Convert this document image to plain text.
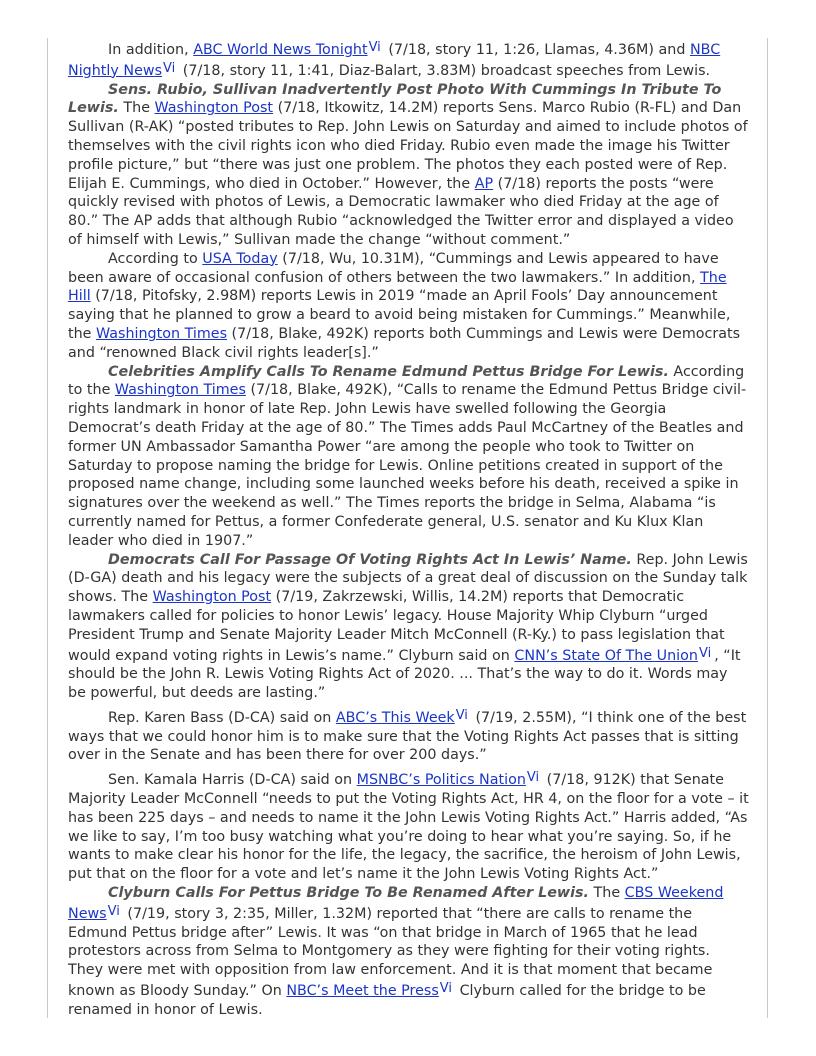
In addition, ABC World News TonightVi (7/18, story 11, 1:26, Llamas, 4.36M) and NBC Nightly NewsVi (7/18, story 11, 1:41, Diaz-Balart, 3.83M) broadcast speeches from Lewis.

Sens. Rubio, Sullivan Inadvertently Post Photo With Cummings In Tribute To Lewis. The Washington Post (7/18, Itkowitz, 14.2M) reports Sens. Marco Rubio (R-FL) and Dan Sullivan (R-AK) “posted tributes to Rep. John Lewis on Saturday and aimed to include photos of themselves with the civil rights icon who died Friday. Rubio even made the image his Twitter profile picture,” but “there was just one problem. The photos they each posted were of Rep. Elijah E. Cummings, who died in October.” However, the AP (7/18) reports the posts “were quickly revised with photos of Lewis, a Democratic lawmaker who died Friday at the age of 80.” The AP adds that although Rubio “acknowledged the Twitter error and displayed a video of himself with Lewis,” Sullivan made the change “without comment.”

According to USA Today (7/18, Wu, 10.31M), “Cummings and Lewis appeared to have been aware of occasional confusion of others between the two lawmakers.” In addition, The Hill (7/18, Pitofsky, 2.98M) reports Lewis in 2019 “made an April Fools’ Day announcement saying that he planned to grow a beard to avoid being mistaken for Cummings.” Meanwhile, the Washington Times (7/18, Blake, 492K) reports both Cummings and Lewis were Democrats and “renowned Black civil rights leader[s].”

Celebrities Amplify Calls To Rename Edmund Pettus Bridge For Lewis. According to the Washington Times (7/18, Blake, 492K), “Calls to rename the Edmund Pettus Bridge civil-rights landmark in honor of late Rep. John Lewis have swelled following the Georgia Democrat’s death Friday at the age of 80.” The Times adds Paul McCartney of the Beatles and former UN Ambassador Samantha Power “are among the people who took to Twitter on Saturday to propose naming the bridge for Lewis. Online petitions created in support of the proposed name change, including some launched weeks before his death, received a spike in signatures over the weekend as well.” The Times reports the bridge in Selma, Alabama “is currently named for Pettus, a former Confederate general, U.S. senator and Ku Klux Klan leader who died in 1907.”

Democrats Call For Passage Of Voting Rights Act In Lewis’ Name. Rep. John Lewis (D-GA) death and his legacy were the subjects of a great deal of discussion on the Sunday talk shows. The Washington Post (7/19, Zakrzewski, Willis, 14.2M) reports that Democratic lawmakers called for policies to honor Lewis’ legacy. House Majority Whip Clyburn “urged President Trump and Senate Majority Leader Mitch McConnell (R-Ky.) to pass legislation that would expand voting rights in Lewis’s name.” Clyburn said on CNN’s State Of The UnionVi , “It should be the John R. Lewis Voting Rights Act of 2020. ... That’s the way to do it. Words may be powerful, but deeds are lasting.”

Rep. Karen Bass (D-CA) said on ABC’s This WeekVi (7/19, 2.55M), “I think one of the best ways that we could honor him is to make sure that the Voting Rights Act passes that is sitting over in the Senate and has been there for over 200 days.”

Sen. Kamala Harris (D-CA) said on MSNBC’s Politics NationVi (7/18, 912K) that Senate Majority Leader McConnell “needs to put the Voting Rights Act, HR 4, on the floor for a vote – it has been 225 days – and needs to name it the John Lewis Voting Rights Act.” Harris added, “As we like to say, I’m too busy watching what you’re doing to hear what you’re saying. So, if he wants to make clear his honor for the life, the legacy, the sacrifice, the heroism of John Lewis, put that on the floor for a vote and let’s name it the John Lewis Voting Rights Act.”

Clyburn Calls For Pettus Bridge To Be Renamed After Lewis. The CBS Weekend NewsVi (7/19, story 3, 2:35, Miller, 1.32M) reported that “there are calls to rename the Edmund Pettus bridge after” Lewis. It was “on that bridge in March of 1965 that he lead protestors across from Selma to Montgomery as they were fighting for their voting rights. They were met with opposition from law enforcement. And it is that moment that became known as Bloody Sunday.” On NBC’s Meet the PressVi Clyburn called for the bridge to be renamed in honor of Lewis.
